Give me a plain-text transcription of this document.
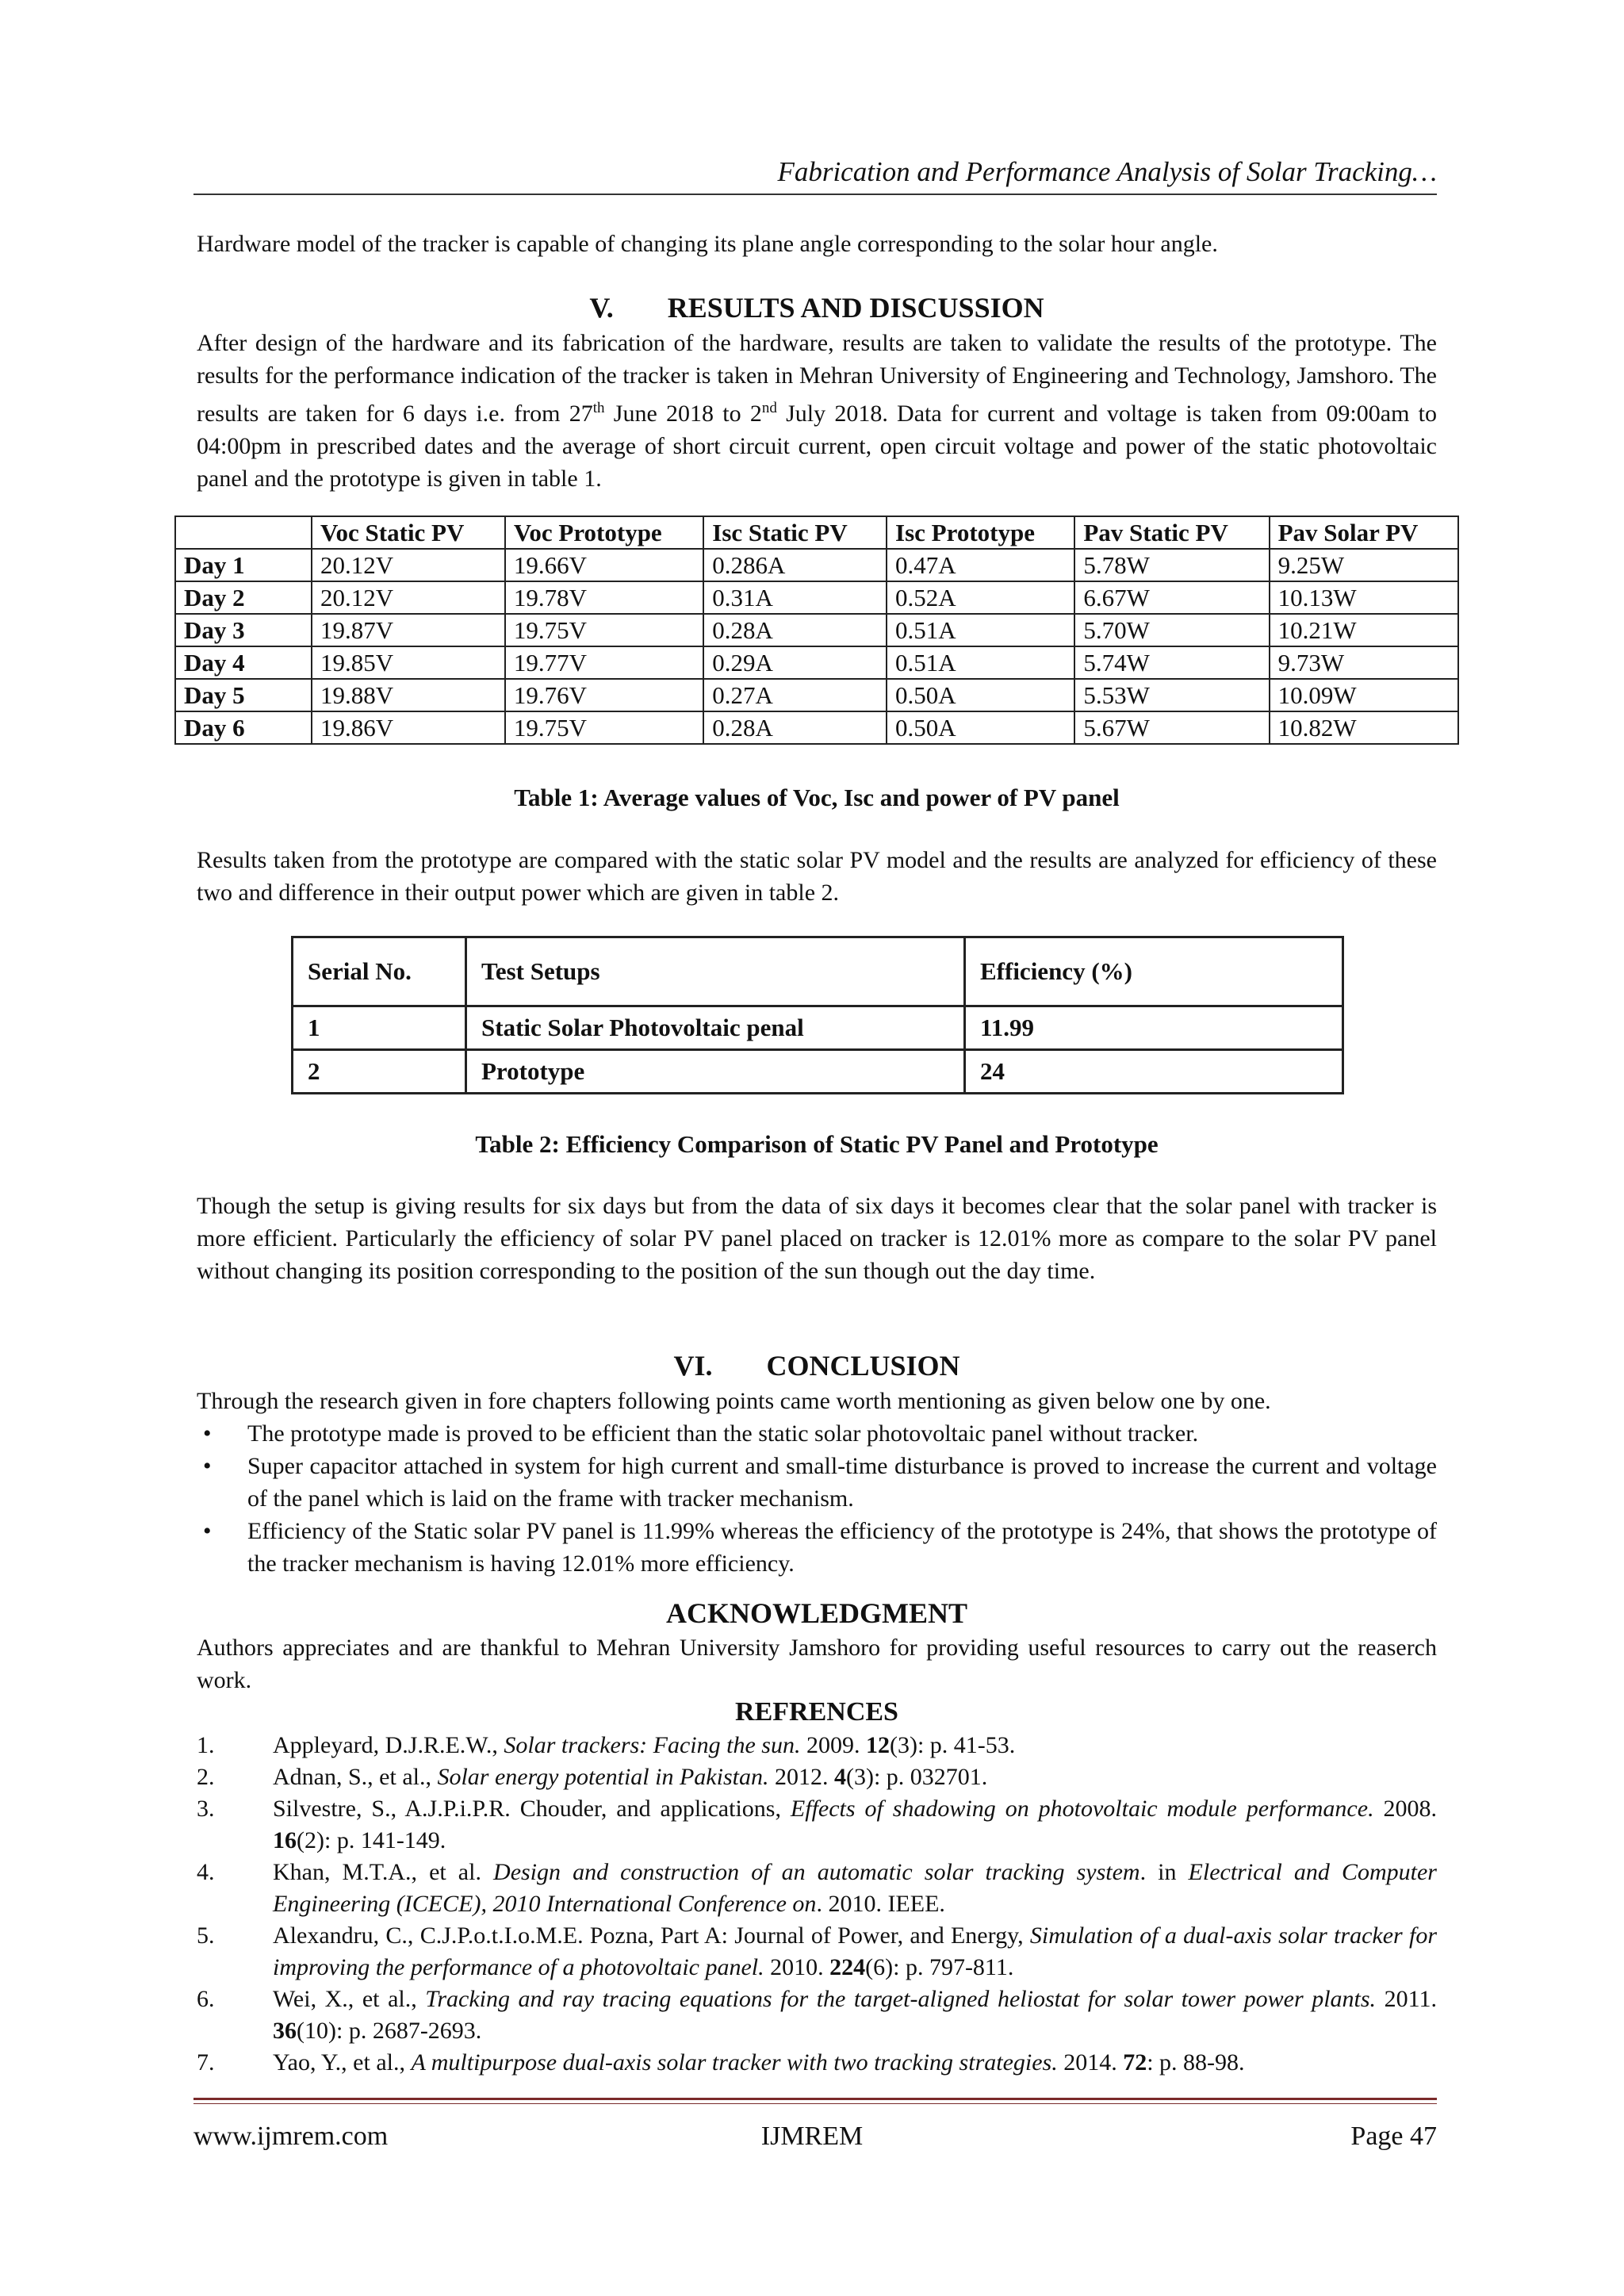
Fabrication and Performance Analysis of Solar Tracking…
Hardware model of the tracker is capable of changing its plane angle corresponding to the solar hour angle.
V. RESULTS AND DISCUSSION
After design of the hardware and its fabrication of the hardware, results are taken to validate the results of the prototype. The results for the performance indication of the tracker is taken in Mehran University of Engineering and Technology, Jamshoro. The results are taken for 6 days i.e. from 27th June 2018 to 2nd July 2018. Data for current and voltage is taken from 09:00am to 04:00pm in prescribed dates and the average of short circuit current, open circuit voltage and power of the static photovoltaic panel and the prototype is given in table 1.
	Voc Static PV	Voc Prototype	Isc Static PV	Isc Prototype	Pav Static PV	Pav Solar PV
Day 1	20.12V	19.66V	0.286A	0.47A	5.78W	9.25W
Day 2	20.12V	19.78V	0.31A	0.52A	6.67W	10.13W
Day 3	19.87V	19.75V	0.28A	0.51A	5.70W	10.21W
Day 4	19.85V	19.77V	0.29A	0.51A	5.74W	9.73W
Day 5	19.88V	19.76V	0.27A	0.50A	5.53W	10.09W
Day 6	19.86V	19.75V	0.28A	0.50A	5.67W	10.82W
Table 1: Average values of Voc, Isc and power of PV panel
Results taken from the prototype are compared with the static solar PV model and the results are analyzed for efficiency of these two and difference in their output power which are given in table 2.
Serial No.	Test Setups	Efficiency (%)
1	Static Solar Photovoltaic penal	11.99
2	Prototype	24
Table 2: Efficiency Comparison of Static PV Panel and Prototype
Though the setup is giving results for six days but from the data of six days it becomes clear that the solar panel with tracker is more efficient. Particularly the efficiency of solar PV panel placed on tracker is 12.01% more as compare to the solar PV panel without changing its position corresponding to the position of the sun though out the day time.
VI. CONCLUSION
Through the research given in fore chapters following points came worth mentioning as given below one by one.
• The prototype made is proved to be efficient than the static solar photovoltaic panel without tracker.
• Super capacitor attached in system for high current and small-time disturbance is proved to increase the current and voltage of the panel which is laid on the frame with tracker mechanism.
• Efficiency of the Static solar PV panel is 11.99% whereas the efficiency of the prototype is 24%, that shows the prototype of the tracker mechanism is having 12.01% more efficiency.
ACKNOWLEDGMENT
Authors appreciates and are thankful to Mehran University Jamshoro for providing useful resources to carry out the reaserch work.
REFRENCES
1. Appleyard, D.J.R.E.W., Solar trackers: Facing the sun. 2009. 12(3): p. 41-53.
2. Adnan, S., et al., Solar energy potential in Pakistan. 2012. 4(3): p. 032701.
3. Silvestre, S., A.J.P.i.P.R. Chouder, and applications, Effects of shadowing on photovoltaic module performance. 2008. 16(2): p. 141-149.
4. Khan, M.T.A., et al. Design and construction of an automatic solar tracking system. in Electrical and Computer Engineering (ICECE), 2010 International Conference on. 2010. IEEE.
5. Alexandru, C., C.J.P.o.t.I.o.M.E. Pozna, Part A: Journal of Power, and Energy, Simulation of a dual-axis solar tracker for improving the performance of a photovoltaic panel. 2010. 224(6): p. 797-811.
6. Wei, X., et al., Tracking and ray tracing equations for the target-aligned heliostat for solar tower power plants. 2011. 36(10): p. 2687-2693.
7. Yao, Y., et al., A multipurpose dual-axis solar tracker with two tracking strategies. 2014. 72: p. 88-98.
www.ijmrem.com	IJMREM	Page 47
